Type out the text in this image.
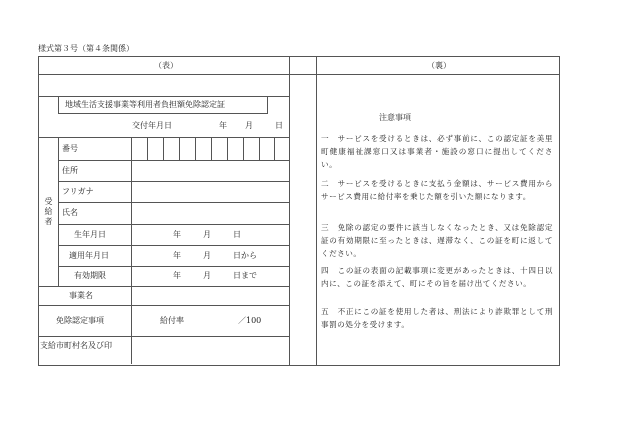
様式第３号（第４条関係）
（表）	（裏）
地域生活支援事業等利用者負担額免除認定証
交付年月日	年 月	日
受給者
番号
住所
フリガナ
氏名
生年月日	年	月	日
適用年月日	年	月	日から
有効期限	年	月	日まで
事業名
免除認定事項	給付率	／100
支給市町村名及び印
注意事項
一　サービスを受けるときは、必ず事前に、この認定証を美里町健康福祉課窓口又は事業者・施設の窓口に提出してください。
二　サービスを受けるときに支払う金額は、サービス費用からサービス費用に給付率を乗じた額を引いた額になります。
三　免除の認定の要件に該当しなくなったとき、又は免除認定証の有効期限に至ったときは、遅滞なく、この証を町に返してください。
四　この証の表面の記載事項に変更があったときは、十四日以内に、この証を添えて、町にその旨を届け出てください。
五　不正にこの証を使用した者は、刑法により詐欺罪として刑事罰の処分を受けます。
